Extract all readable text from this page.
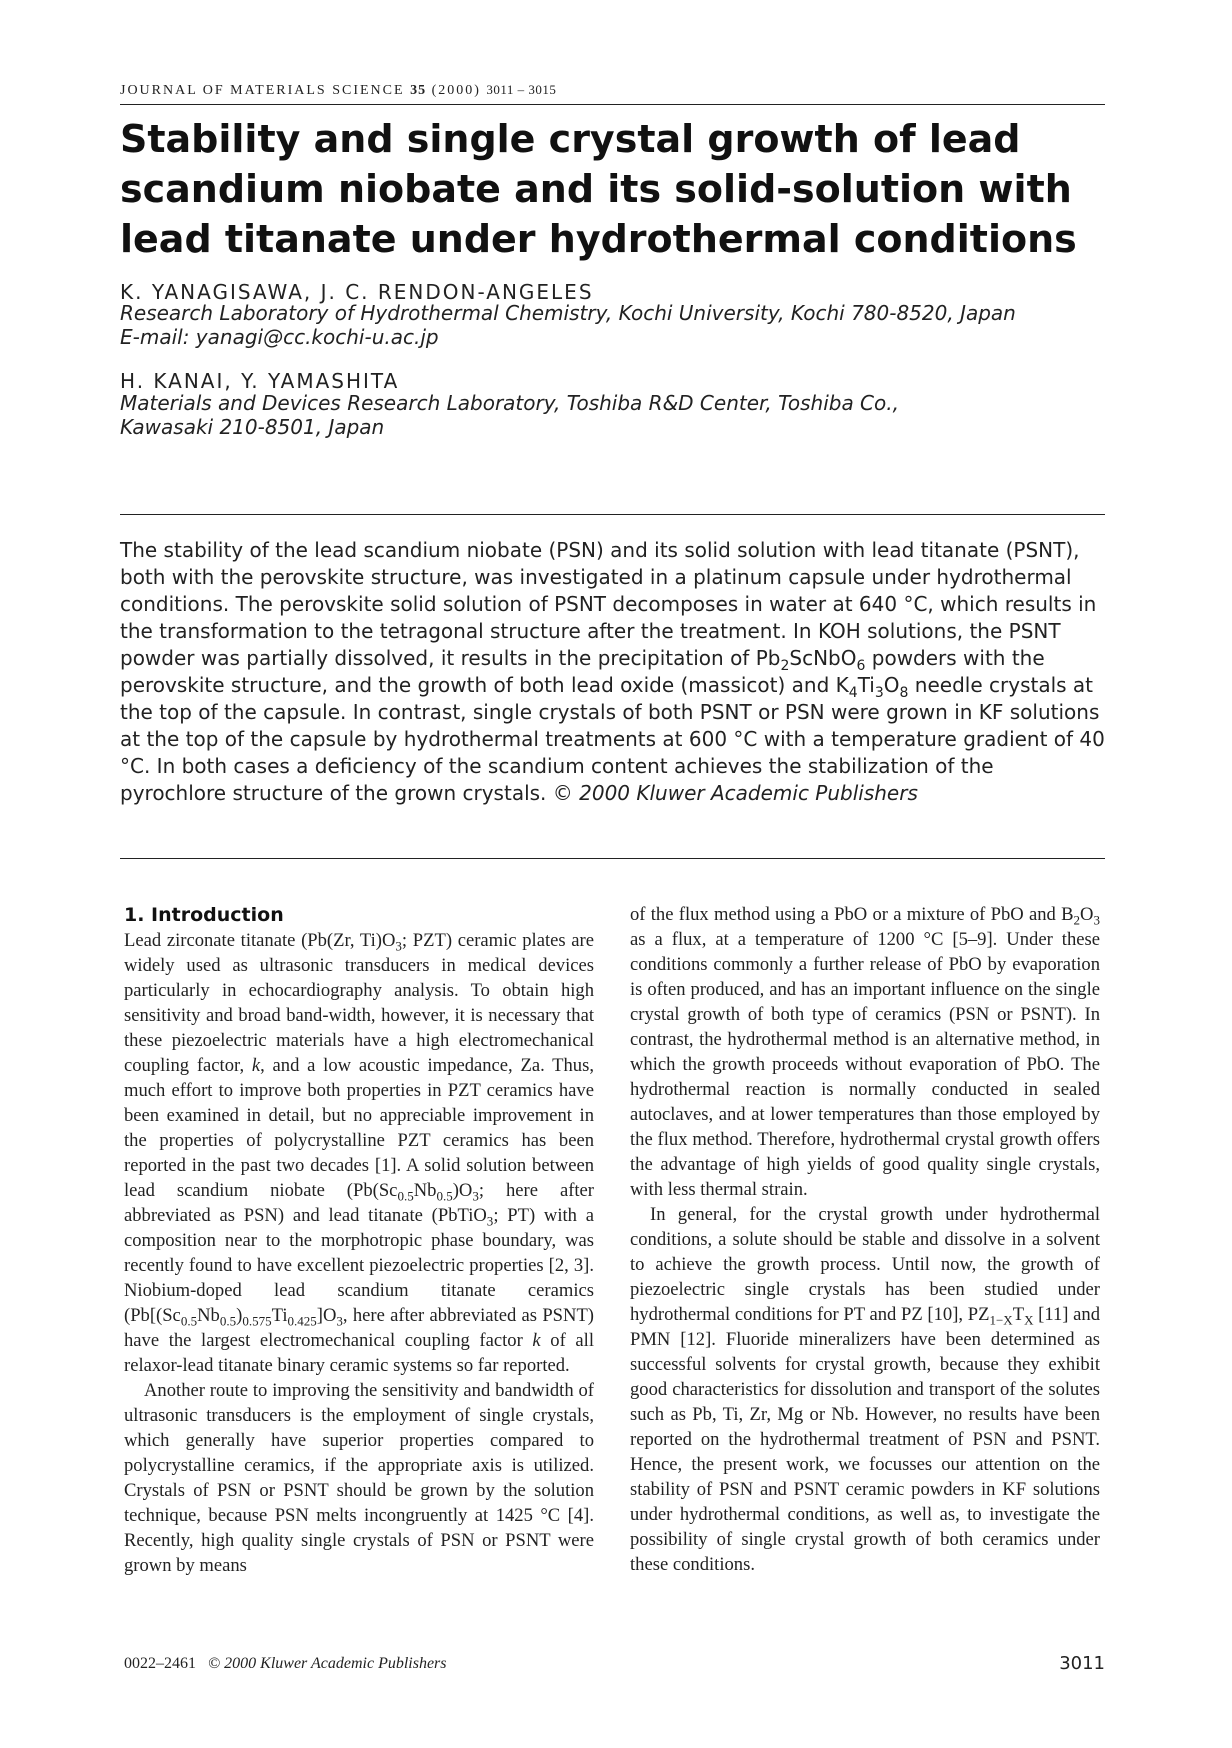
JOURNAL OF MATERIALS SCIENCE 35 (2000) 3011 – 3015
Stability and single crystal growth of lead scandium niobate and its solid-solution with lead titanate under hydrothermal conditions
K. YANAGISAWA, J. C. RENDON-ANGELES
Research Laboratory of Hydrothermal Chemistry, Kochi University, Kochi 780-8520, Japan
E-mail: yanagi@cc.kochi-u.ac.jp
H. KANAI, Y. YAMASHITA
Materials and Devices Research Laboratory, Toshiba R&D Center, Toshiba Co.,
Kawasaki 210-8501, Japan
The stability of the lead scandium niobate (PSN) and its solid solution with lead titanate (PSNT), both with the perovskite structure, was investigated in a platinum capsule under hydrothermal conditions. The perovskite solid solution of PSNT decomposes in water at 640 °C, which results in the transformation to the tetragonal structure after the treatment. In KOH solutions, the PSNT powder was partially dissolved, it results in the precipitation of $Pb_2ScNbO_6$ powders with the perovskite structure, and the growth of both lead oxide (massicot) and $K_4Ti_3O_8$ needle crystals at the top of the capsule. In contrast, single crystals of both PSNT or PSN were grown in KF solutions at the top of the capsule by hydrothermal treatments at 600 °C with a temperature gradient of 40 °C. In both cases a deficiency of the scandium content achieves the stabilization of the pyrochlore structure of the grown crystals. © 2000 Kluwer Academic Publishers
1. Introduction

Lead zirconate titanate (Pb(Zr, $Ti)O_3$; PZT) ceramic plates are widely used as ultrasonic transducers in medical devices particularly in echocardiography analysis. To obtain high sensitivity and broad band-width, however, it is necessary that these piezoelectric materials have a high electromechanical coupling factor, k, and a low acoustic impedance, Za. Thus, much effort to improve both properties in PZT ceramics have been examined in detail, but no appreciable improvement in the properties of polycrystalline PZT ceramics has been reported in the past two decades [1]. A solid solution between lead scandium niobate ($Pb(Sc_{0.5}Nb_{0.5})O_3$; here after abbreviated as PSN) and lead titanate (PbTiO$_3$; PT) with a composition near to the morphotropic phase boundary, was recently found to have excellent piezoelectric properties [2, 3]. Niobium-doped lead scandium titanate ceramics ($Pb[(Sc_{0.5}Nb_{0.5})_{0.575}Ti_{0.425}]O_3$, here after abbreviated as PSNT) have the largest electromechanical coupling factor k of all relaxor-lead titanate binary ceramic systems so far reported.

Another route to improving the sensitivity and bandwidth of ultrasonic transducers is the employment of single crystals, which generally have superior properties compared to polycrystalline ceramics, if the appropriate axis is utilized. Crystals of PSN or PSNT should be grown by the solution technique, because PSN melts incongruently at 1425 °C [4]. Recently, high quality single crystals of PSN or PSNT were grown by means

of the flux method using a PbO or a mixture of PbO and $B_2O_3$ as a flux, at a temperature of 1200 °C [5–9]. Under these conditions commonly a further release of PbO by evaporation is often produced, and has an important influence on the single crystal growth of both type of ceramics (PSN or PSNT). In contrast, the hydrothermal method is an alternative method, in which the growth proceeds without evaporation of PbO. The hydrothermal reaction is normally conducted in sealed autoclaves, and at lower temperatures than those employed by the flux method. Therefore, hydrothermal crystal growth offers the advantage of high yields of good quality single crystals, with less thermal strain.

In general, for the crystal growth under hydrothermal conditions, a solute should be stable and dissolve in a solvent to achieve the growth process. Until now, the growth of piezoelectric single crystals has been studied under hydrothermal conditions for PT and PZ [10], $PZ_{1-X}T_X$ [11] and PMN [12]. Fluoride mineralizers have been determined as successful solvents for crystal growth, because they exhibit good characteristics for dissolution and transport of the solutes such as Pb, Ti, Zr, Mg or Nb. However, no results have been reported on the hydrothermal treatment of PSN and PSNT. Hence, the present work, we focusses our attention on the stability of PSN and PSNT ceramic powders in KF solutions under hydrothermal conditions, as well as, to investigate the possibility of single crystal growth of both ceramics under these conditions.

0022–2461 © 2000 Kluwer Academic Publishers	3011
